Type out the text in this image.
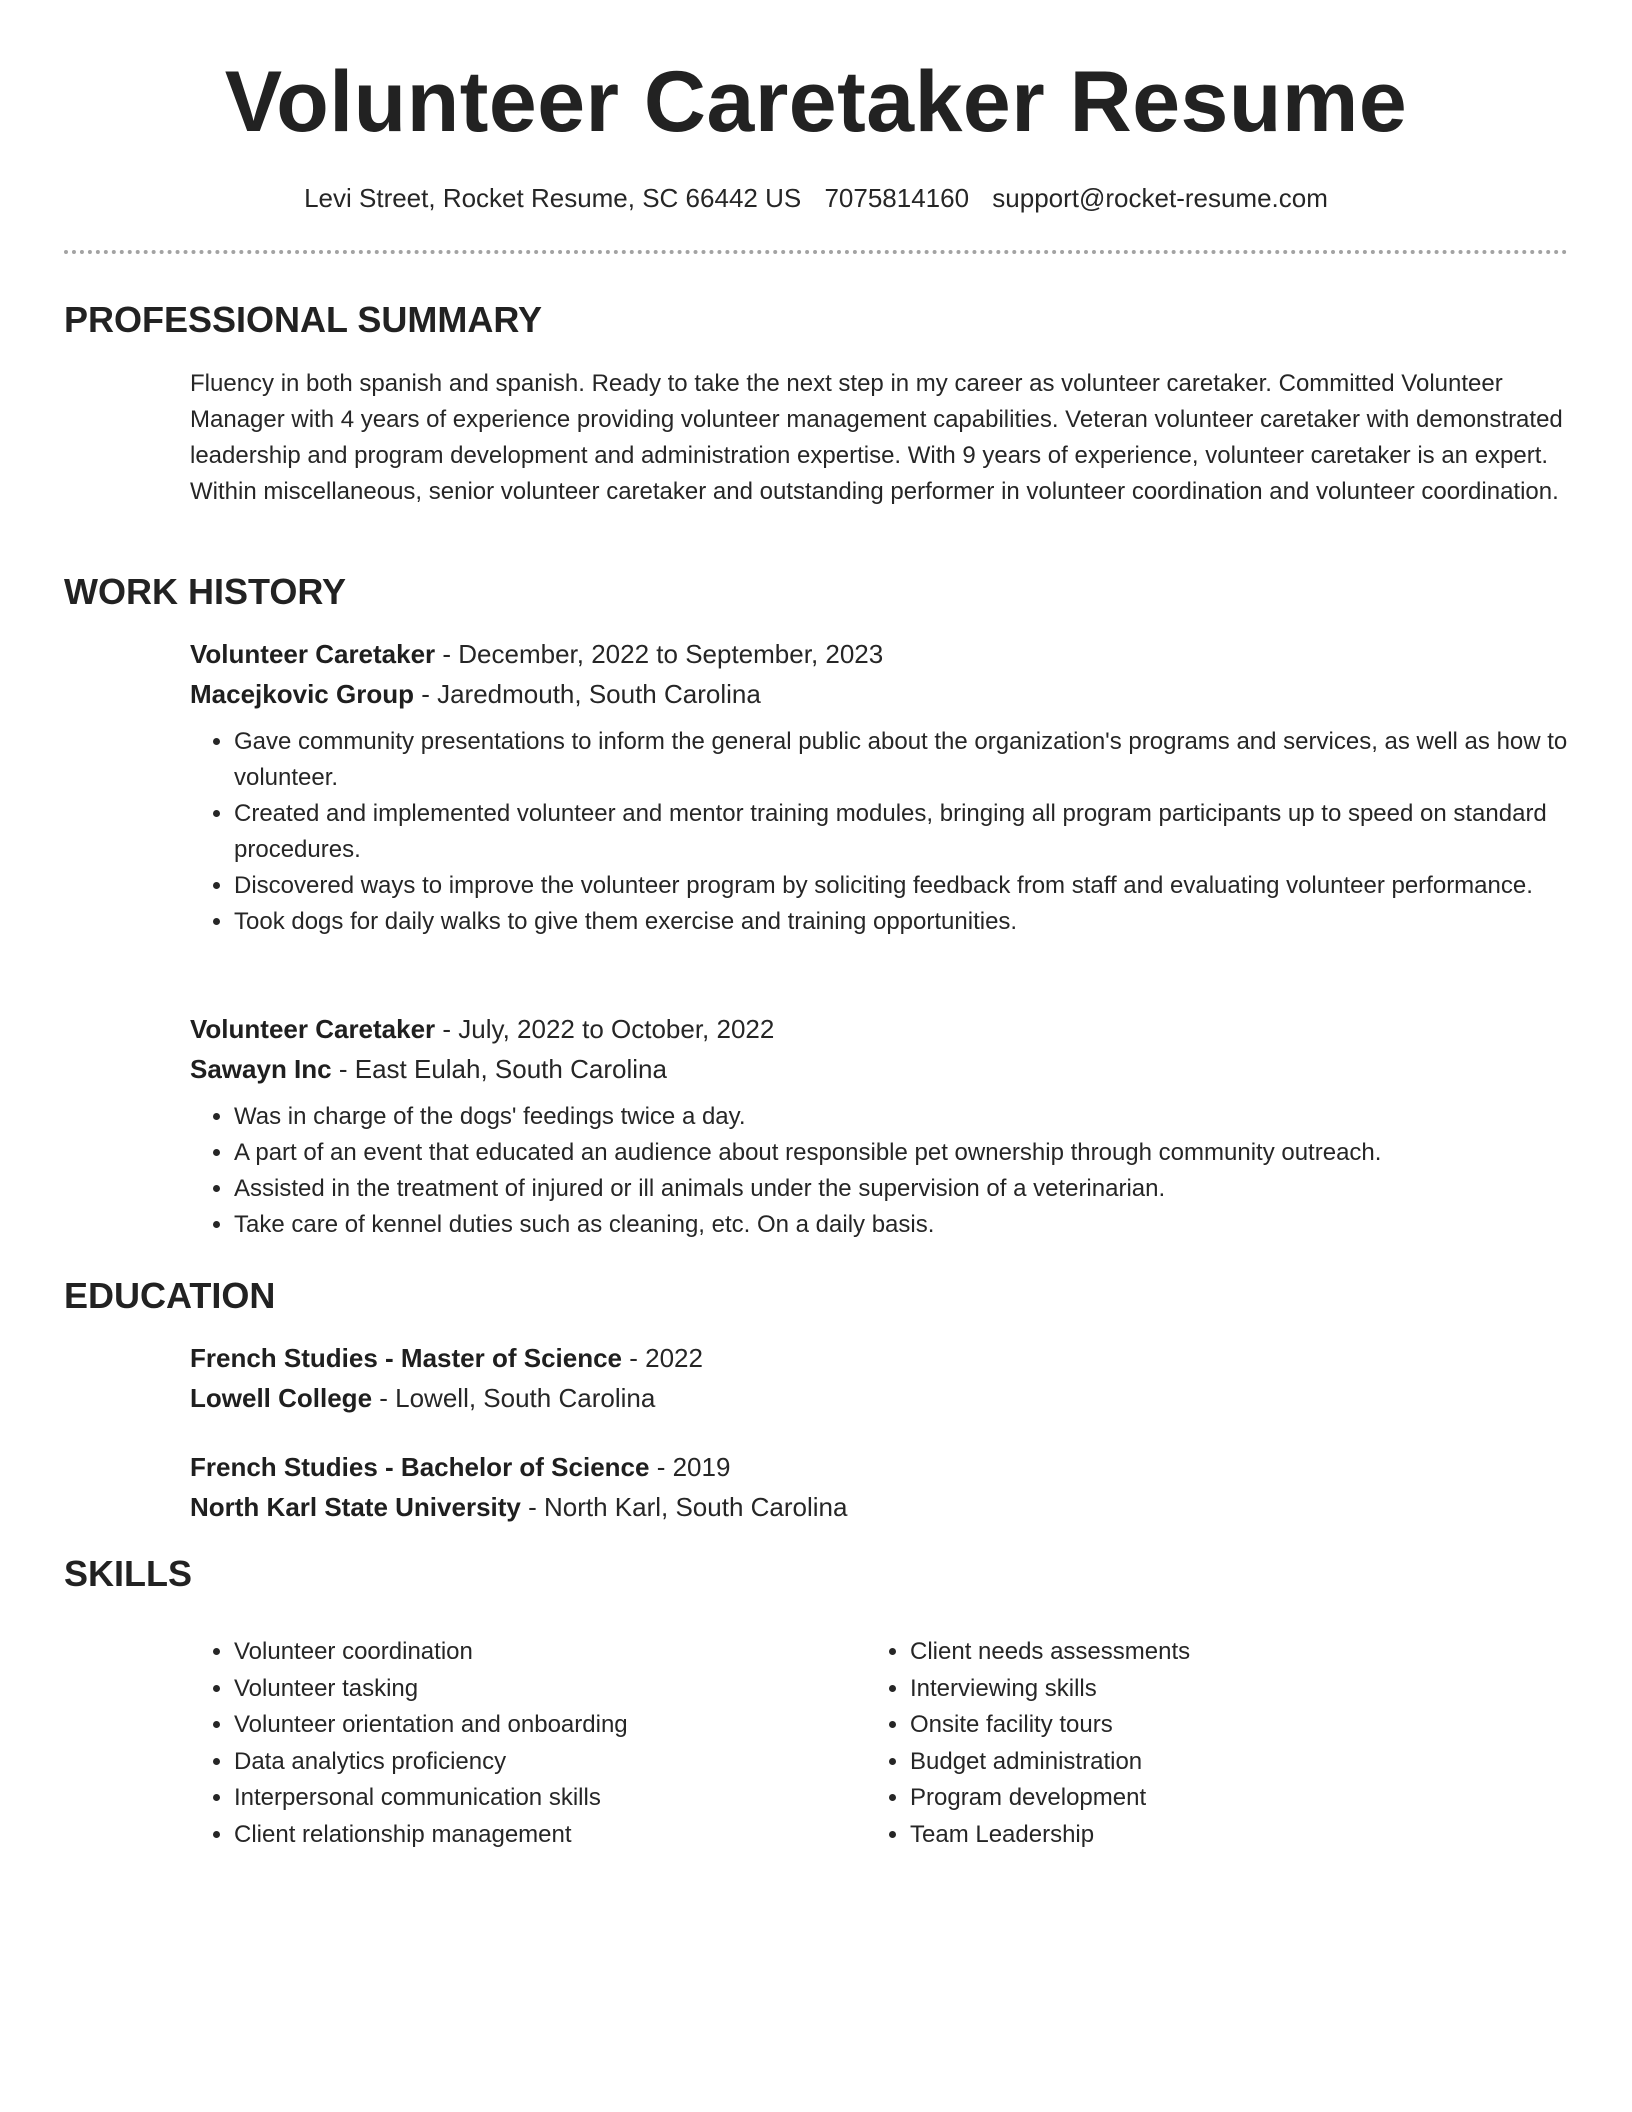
Volunteer Caretaker Resume
Levi Street, Rocket Resume, SC 66442 US 7075814160 support@rocket-resume.com
PROFESSIONAL SUMMARY

Fluency in both spanish and spanish. Ready to take the next step in my career as volunteer caretaker. Committed Volunteer Manager with 4 years of experience providing volunteer management capabilities. Veteran volunteer caretaker with demonstrated leadership and program development and administration expertise. With 9 years of experience, volunteer caretaker is an expert. Within miscellaneous, senior volunteer caretaker and outstanding performer in volunteer coordination and volunteer coordination.

WORK HISTORY

Volunteer Caretaker - December, 2022 to September, 2023

Macejkovic Group - Jaredmouth, South Carolina

• Gave community presentations to inform the general public about the organization's programs and services, as well as how to volunteer.
• Created and implemented volunteer and mentor training modules, bringing all program participants up to speed on standard procedures.
• Discovered ways to improve the volunteer program by soliciting feedback from staff and evaluating volunteer performance.
• Took dogs for daily walks to give them exercise and training opportunities.

Volunteer Caretaker - July, 2022 to October, 2022

Sawayn Inc - East Eulah, South Carolina

• Was in charge of the dogs' feedings twice a day.
• A part of an event that educated an audience about responsible pet ownership through community outreach.
• Assisted in the treatment of injured or ill animals under the supervision of a veterinarian.
• Take care of kennel duties such as cleaning, etc. On a daily basis.
EDUCATION

French Studies - Master of Science - 2022

Lowell College - Lowell, South Carolina

French Studies - Bachelor of Science - 2019

North Karl State University - North Karl, South Carolina

SKILLS
• Volunteer coordination
• Volunteer tasking
• Volunteer orientation and onboarding
• Data analytics proficiency
• Interpersonal communication skills
• Client relationship management
• Client needs assessments
• Interviewing skills
• Onsite facility tours
• Budget administration
• Program development
• Team Leadership
